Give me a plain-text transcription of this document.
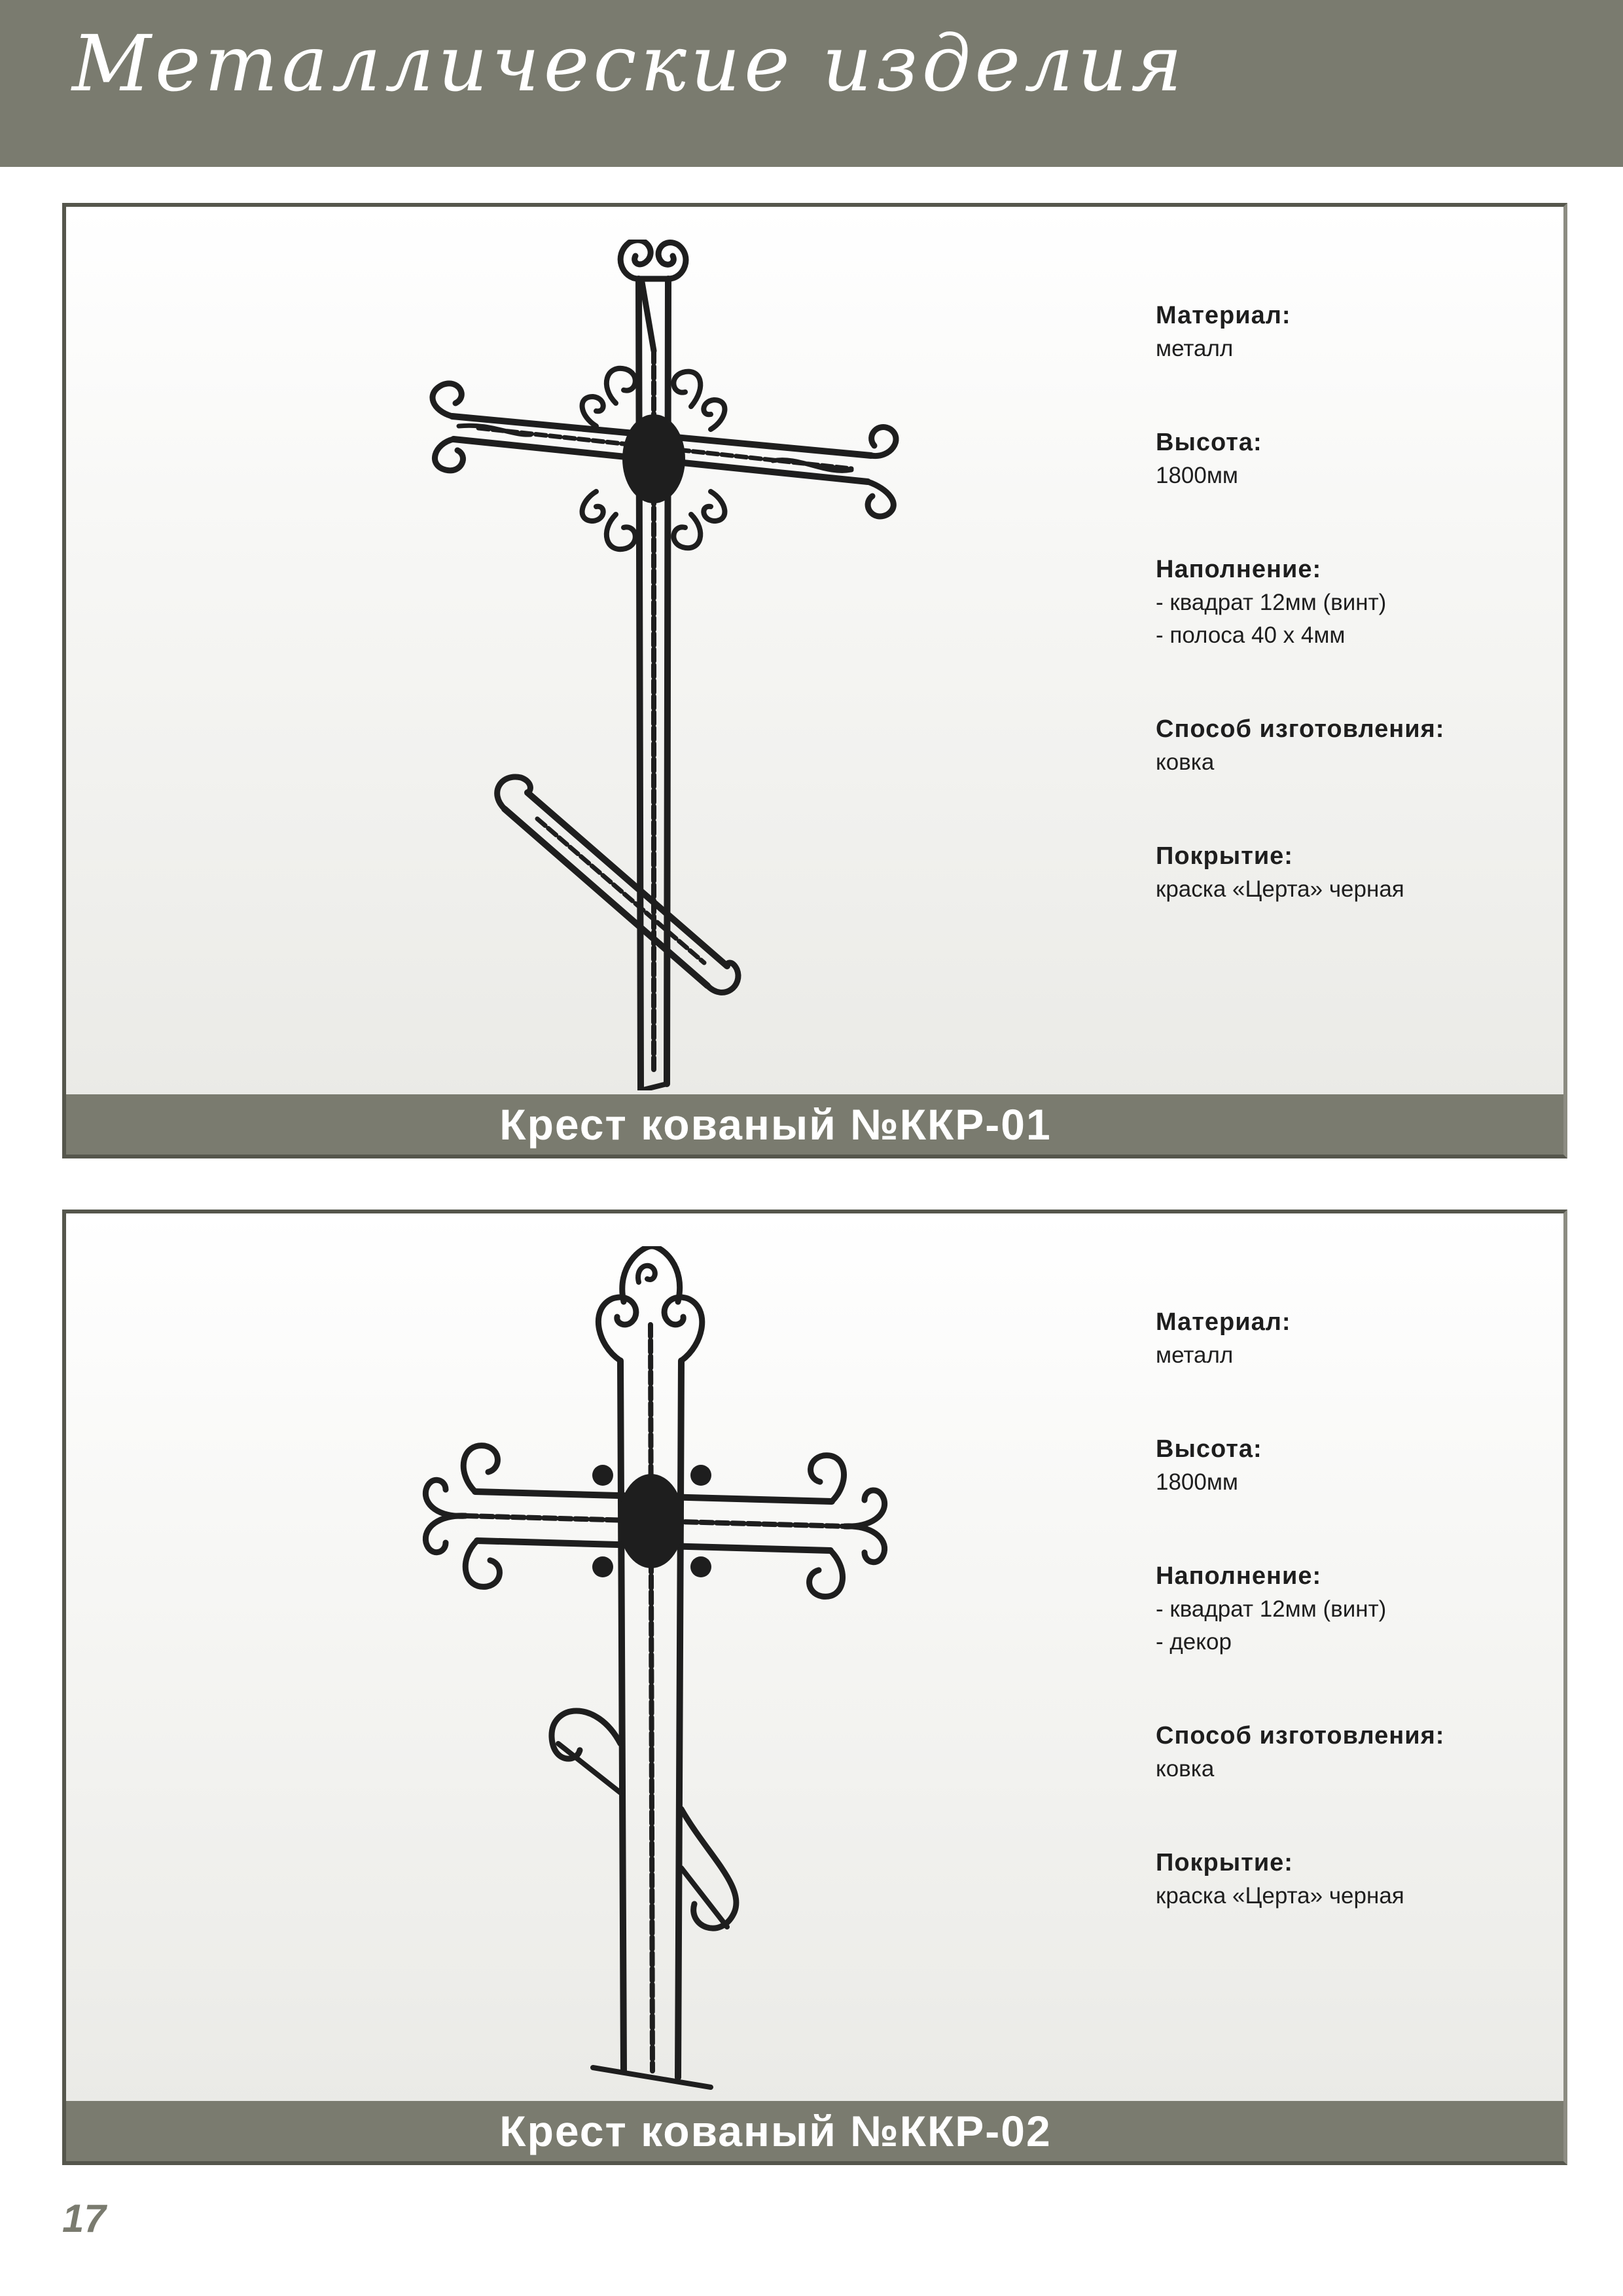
Металлические изделия
Материал:
металл
Высота:
1800мм
Наполнение:
- квадрат 12мм (винт)
- полоса 40 х 4мм
Способ изготовления:
ковка
Покрытие:
краска «Церта» черная
Крест кованый №ККР-01
Материал:
металл
Высота:
1800мм
Наполнение:
- квадрат 12мм (винт)
- декор
Способ изготовления:
ковка
Покрытие:
краска «Церта» черная
Крест кованый №ККР-02
17
